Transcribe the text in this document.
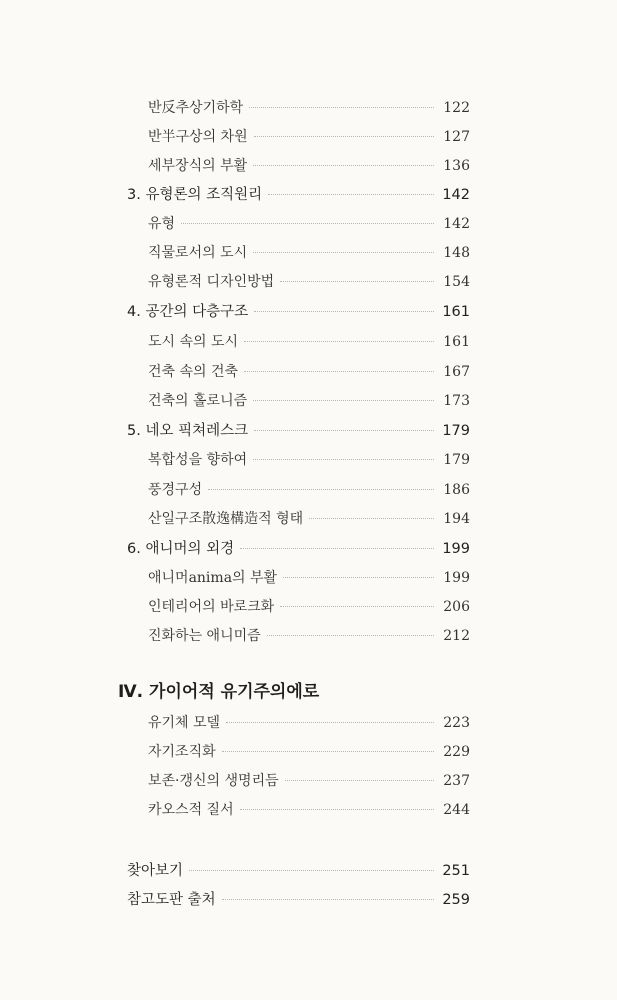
반反추상기하학	122
반半구상의 차원	127
세부장식의 부활	136
3. 유형론의 조직원리	142
유형	142
직물로서의 도시	148
유형론적 디자인방법	154
4. 공간의 다층구조	161
도시 속의 도시	161
건축 속의 건축	167
건축의 홀로니즘	173
5. 네오 픽쳐레스크	179
복합성을 향하여	179
풍경구성	186
산일구조散逸構造적 형태	194
6. 애니머의 외경	199
애니머anima의 부활	199
인테리어의 바로크화	206
진화하는 애니미즘	212
Ⅳ. 가이어적 유기주의에로
유기체 모델	223
자기조직화	229
보존·갱신의 생명리듬	237
카오스적 질서	244
찾아보기	251
참고도판 출처	259
